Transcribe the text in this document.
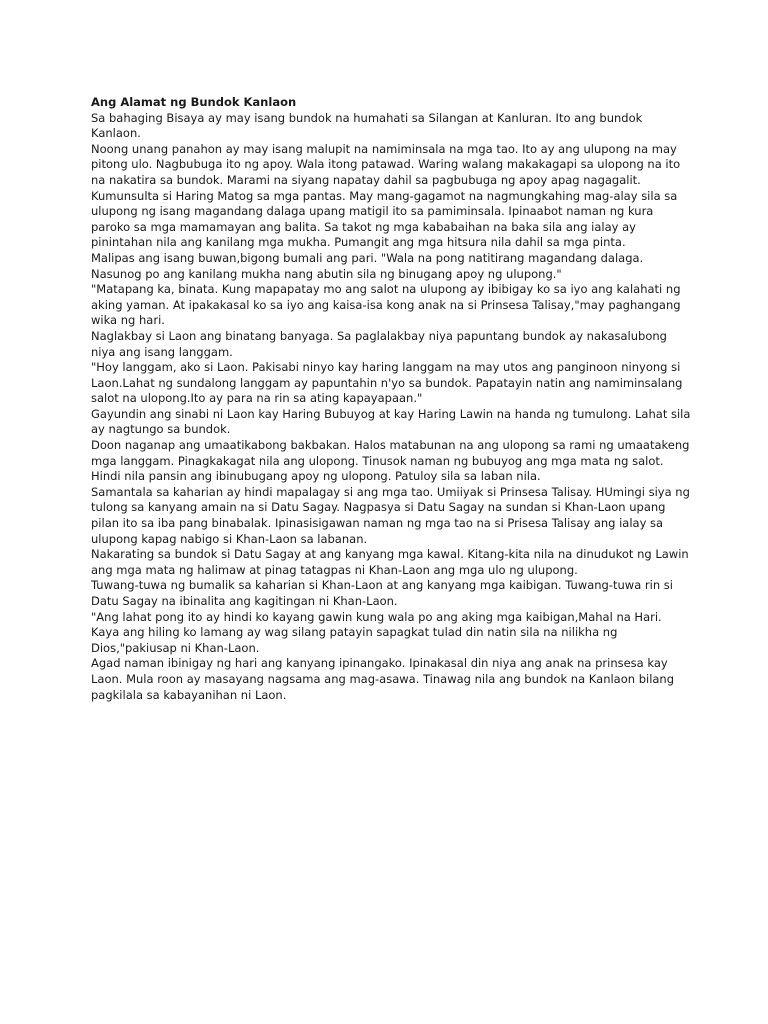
Ang Alamat ng Bundok Kanlaon

Sa bahaging Bisaya ay may isang bundok na humahati sa Silangan at Kanluran. Ito ang bundok Kanlaon.

Noong unang panahon ay may isang malupit na namiminsala na mga tao. Ito ay ang ulupong na may pitong ulo. Nagbubuga ito ng apoy. Wala itong patawad. Waring walang makakagapi sa ulopong na ito na nakatira sa bundok. Marami na siyang napatay dahil sa pagbubuga ng apoy apag nagagalit.

Kumunsulta si Haring Matog sa mga pantas. May mang-gagamot na nagmungkahing mag-alay sila sa ulupong ng isang magandang dalaga upang matigil ito sa pamiminsala. Ipinaabot naman ng kura paroko sa mga mamamayan ang balita. Sa takot ng mga kababaihan na baka sila ang ialay ay pinintahan nila ang kanilang mga mukha. Pumangit ang mga hitsura nila dahil sa mga pinta.

Malipas ang isang buwan,bigong bumali ang pari. "Wala na pong natitirang magandang dalaga. Nasunog po ang kanilang mukha nang abutin sila ng binugang apoy ng ulupong."

"Matapang ka, binata. Kung mapapatay mo ang salot na ulupong ay ibibigay ko sa iyo ang kalahati ng aking yaman. At ipakakasal ko sa iyo ang kaisa-isa kong anak na si Prinsesa Talisay,"may paghangang wika ng hari.

Naglakbay si Laon ang binatang banyaga. Sa paglalakbay niya papuntang bundok ay nakasalubong niya ang isang langgam.

"Hoy langgam, ako si Laon. Pakisabi ninyo kay haring langgam na may utos ang panginoon ninyong si Laon.Lahat ng sundalong langgam ay papuntahin n'yo sa bundok. Papatayin natin ang namiminsalang salot na ulopong.Ito ay para na rin sa ating kapayapaan."

Gayundin ang sinabi ni Laon kay Haring Bubuyog at kay Haring Lawin na handa ng tumulong. Lahat sila ay nagtungo sa bundok.

Doon naganap ang umaatikabong bakbakan. Halos matabunan na ang ulopong sa rami ng umaatakeng mga langgam. Pinagkakagat nila ang ulopong. Tinusok naman ng bubuyog ang mga mata ng salot. Hindi nila pansin ang ibinubugang apoy ng ulopong. Patuloy sila sa laban nila.

Samantala sa kaharian ay hindi mapalagay si ang mga tao. Umiiyak si Prinsesa Talisay. HUmingi siya ng tulong sa kanyang amain na si Datu Sagay. Nagpasya si Datu Sagay na sundan si Khan-Laon upang pilan ito sa iba pang binabalak. Ipinasisigawan naman ng mga tao na si Prisesa Talisay ang ialay sa ulupong kapag nabigo si Khan-Laon sa labanan.

Nakarating sa bundok si Datu Sagay at ang kanyang mga kawal. Kitang-kita nila na dinudukot ng Lawin ang mga mata ng halimaw at pinag tatagpas ni Khan-Laon ang mga ulo ng ulupong.

Tuwang-tuwa ng bumalik sa kaharian si Khan-Laon at ang kanyang mga kaibigan. Tuwang-tuwa rin si Datu Sagay na ibinalita ang kagitingan ni Khan-Laon.

"Ang lahat pong ito ay hindi ko kayang gawin kung wala po ang aking mga kaibigan,Mahal na Hari. Kaya ang hiling ko lamang ay wag silang patayin sapagkat tulad din natin sila na nilikha ng Dios,"pakiusap ni Khan-Laon.

Agad naman ibinigay ng hari ang kanyang ipinangako. Ipinakasal din niya ang anak na prinsesa kay Laon. Mula roon ay masayang nagsama ang mag-asawa. Tinawag nila ang bundok na Kanlaon bilang pagkilala sa kabayanihan ni Laon.
